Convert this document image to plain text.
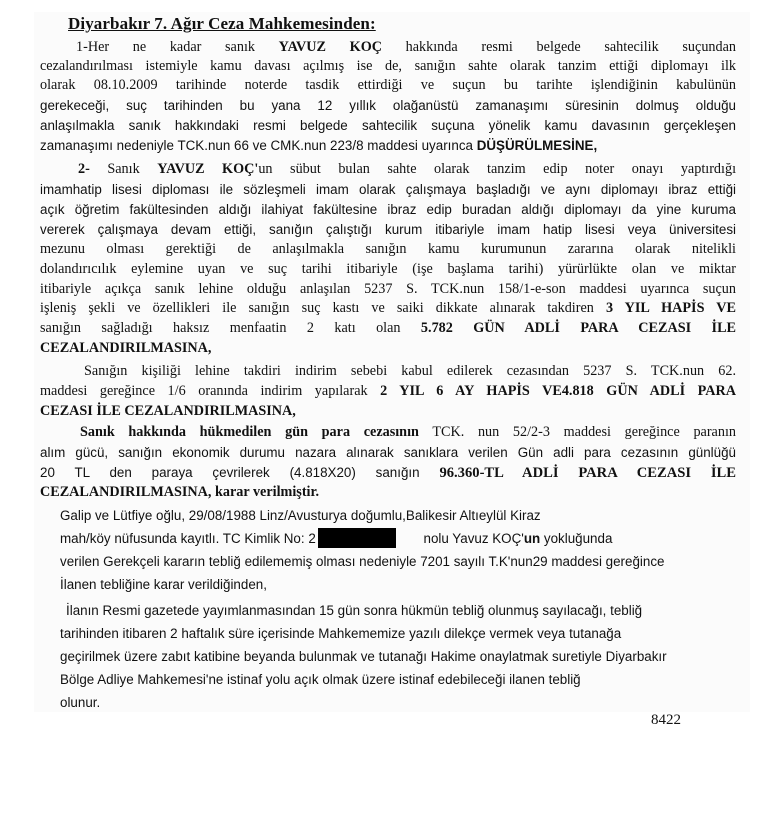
Diyarbakır 7. Ağır Ceza Mahkemesinden:
1-Her ne kadar sanık YAVUZ KOÇ hakkında resmi belgede sahtecilik suçundan
cezalandırılması istemiyle kamu davası açılmış ise de, sanığın sahte olarak tanzim ettiği diplomayı ilk
olarak 08.10.2009 tarihinde noterde tasdik ettirdiği ve suçun bu tarihte işlendiğinin kabulünün
gerekeceği, suç tarihinden bu yana 12 yıllık olağanüstü zamanaşımı süresinin dolmuş olduğu
anlaşılmakla sanık hakkındaki resmi belgede sahtecilik suçuna yönelik kamu davasının gerçekleşen
zamanaşımı nedeniyle TCK.nun 66 ve CMK.nun 223/8 maddesi uyarınca DÜŞÜRÜLMESİNE,
2- Sanık YAVUZ KOÇ'un sübut bulan sahte olarak tanzim edip noter onayı yaptırdığı
imamhatip lisesi diploması ile sözleşmeli imam olarak çalışmaya başladığı ve aynı diplomayı ibraz ettiği
açık öğretim fakültesinden aldığı ilahiyat fakültesine ibraz edip buradan aldığı diplomayı da yine kuruma
vererek çalışmaya devam ettiği, sanığın çalıştığı kurum itibariyle imam hatip lisesi veya üniversitesi
mezunu olması gerektiği de anlaşılmakla sanığın kamu kurumunun zararına olarak nitelikli
dolandırıcılık eylemine uyan ve suç tarihi itibariyle (işe başlama tarihi) yürürlükte olan ve miktar
itibariyle açıkça sanık lehine olduğu anlaşılan 5237 S. TCK.nun 158/1-e-son maddesi uyarınca suçun
işleniş şekli ve özellikleri ile sanığın suç kastı ve saiki dikkate alınarak takdiren 3 YIL HAPİS VE
sanığın sağladığı haksız menfaatin 2 katı olan 5.782 GÜN ADLİ PARA CEZASI İLE
CEZALANDIRILMASINA,
Sanığın kişiliği lehine takdiri indirim sebebi kabul edilerek cezasından 5237 S. TCK.nun 62.
maddesi gereğince 1/6 oranında indirim yapılarak 2 YIL 6 AY HAPİS VE4.818 GÜN ADLİ PARA
CEZASI İLE CEZALANDIRILMASINA,
Sanık hakkında hükmedilen gün para cezasının TCK. nun 52/2-3 maddesi gereğince paranın
alım gücü, sanığın ekonomik durumu nazara alınarak sanıklara verilen Gün adli para cezasının günlüğü
20 TL den paraya çevrilerek (4.818X20) sanığın 96.360-TL ADLİ PARA CEZASI İLE
CEZALANDIRILMASINA, karar verilmiştir.
Galip ve Lütfiye oğlu, 29/08/1988 Linz/Avusturya doğumlu,Balikesir Altıeylül Kiraz
mah/köy nüfusunda kayıtlı. TC Kimlik No: 2	nolu Yavuz KOÇ'un yokluğunda
verilen Gerekçeli kararın tebliğ edilememiş olması nedeniyle 7201 sayılı T.K'nun29 maddesi gereğince
İlanen tebliğine karar verildiğinden,
İlanın Resmi gazetede yayımlanmasından 15 gün sonra hükmün tebliğ olunmuş sayılacağı, tebliğ
tarihinden itibaren 2 haftalık süre içerisinde Mahkememize yazılı dilekçe vermek veya tutanağa
geçirilmek üzere zabıt katibine beyanda bulunmak ve tutanağı Hakime onaylatmak suretiyle Diyarbakır
Bölge Adliye Mahkemesi'ne istinaf yolu açık olmak üzere istinaf edebileceği ilanen tebliğ
olunur.
8422
